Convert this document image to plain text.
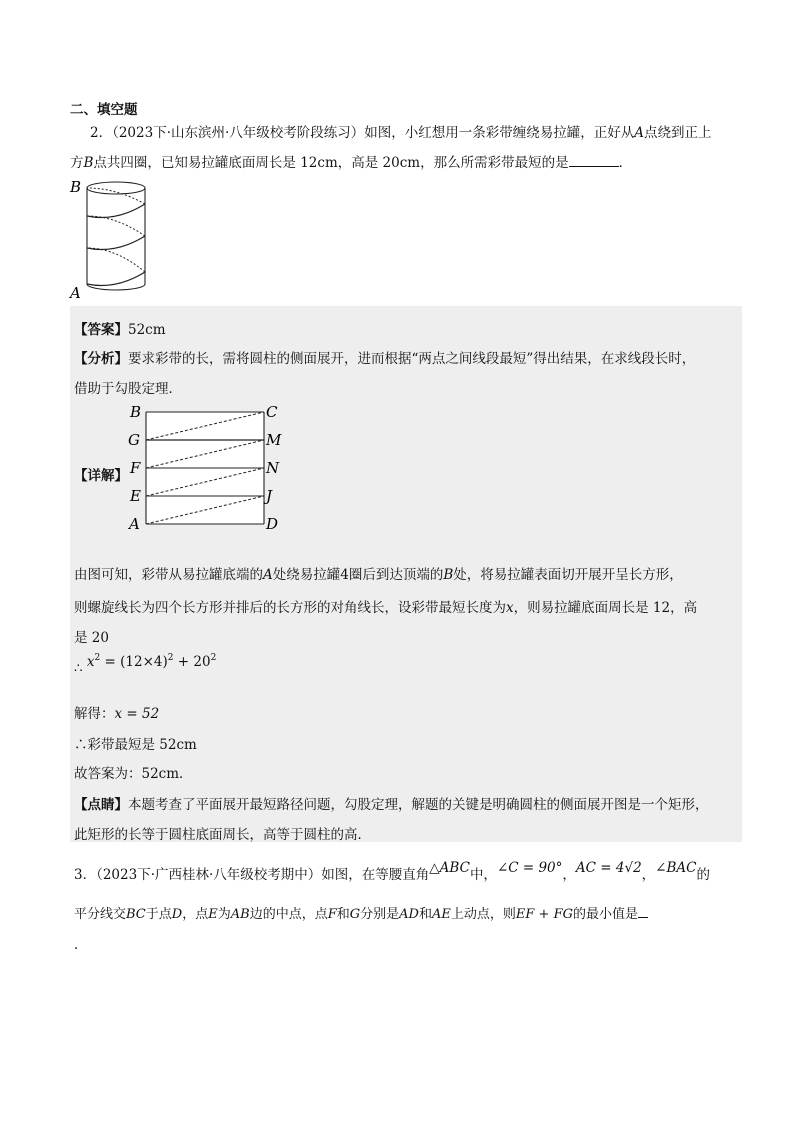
二、填空题
2．（2023下·山东滨州·八年级校考阶段练习）如图，小红想用一条彩带缠绕易拉罐，正好从A点绕到正上
方B点共四圈，已知易拉罐底面周长是 12cm，高是 20cm，那么所需彩带最短的是	．
B
A
【答案】52cm
【分析】要求彩带的长，需将圆柱的侧面展开，进而根据“两点之间线段最短”得出结果，在求线段长时，
借助于勾股定理．
【详解】
B
G
F
E
A
C
M
N
J
D
由图可知，彩带从易拉罐底端的A处绕易拉罐4圈后到达顶端的B处，将易拉罐表面切开展开呈长方形，
则螺旋线长为四个长方形并排后的长方形的对角线长，设彩带最短长度为x，则易拉罐底面周长是 12，高
是 20
∴ $x^2 = (12\times 4)^2 + 20^2$
解得：x = 52
∴彩带最短是 52cm
故答案为：52cm．
【点睛】本题考查了平面展开最短路径问题，勾股定理，解题的关键是明确圆柱的侧面展开图是一个矩形，
此矩形的长等于圆柱底面周长，高等于圆柱的高．
3．（2023下·广西桂林·八年级校考期中）如图，在等腰直角△ABC中，∠C = 90°，AC = 4√2，∠BAC的
平分线交BC于点D，点E为AB边的中点，点F和G分别是AD和AE上动点，则EF + FG的最小值是
．
